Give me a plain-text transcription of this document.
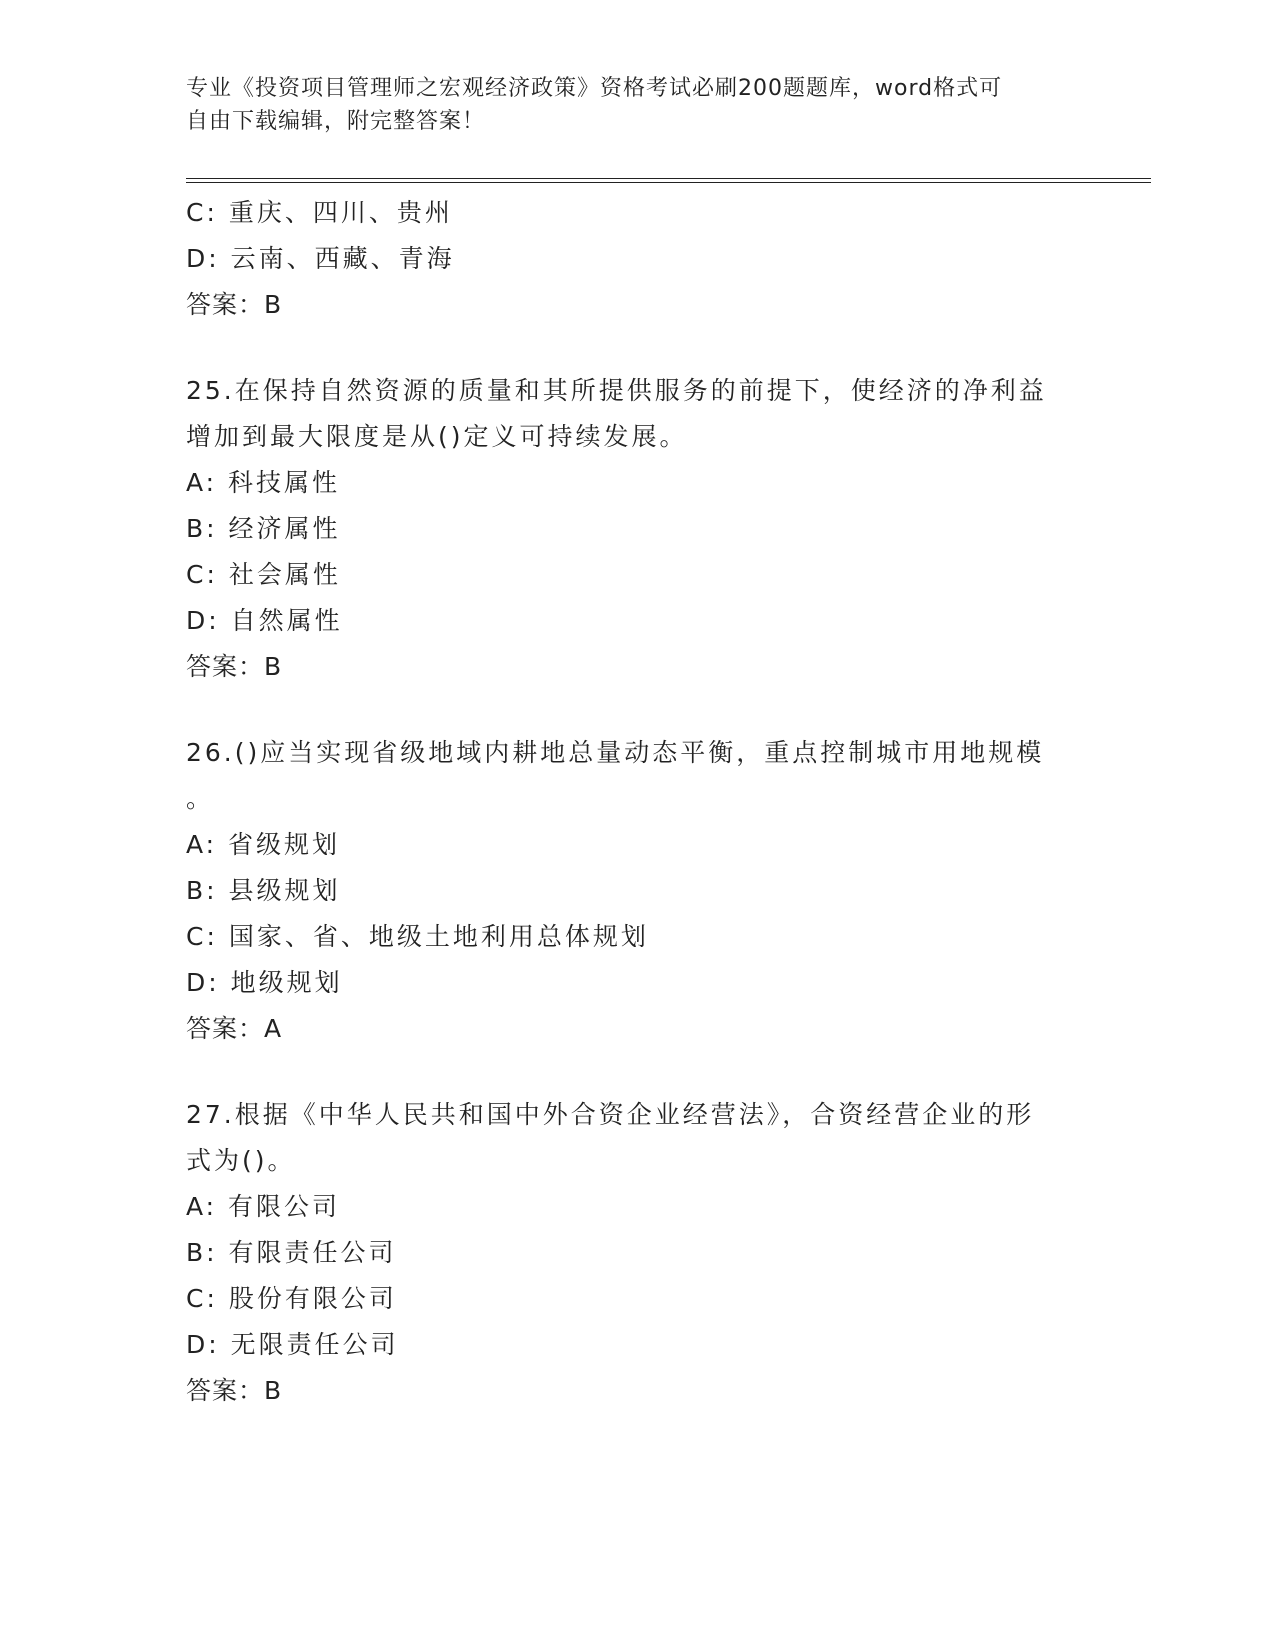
专业《投资项目管理师之宏观经济政策》资格考试必刷200题题库，word格式可
自由下载编辑，附完整答案！
C: 重庆、四川、贵州
D: 云南、西藏、青海
答案：B
25.在保持自然资源的质量和其所提供服务的前提下，使经济的净利益
增加到最大限度是从()定义可持续发展。
A: 科技属性
B: 经济属性
C: 社会属性
D: 自然属性
答案：B
26.()应当实现省级地域内耕地总量动态平衡，重点控制城市用地规模
。
A: 省级规划
B: 县级规划
C: 国家、省、地级土地利用总体规划
D: 地级规划
答案：A
27.根据《中华人民共和国中外合资企业经营法》，合资经营企业的形
式为()。
A: 有限公司
B: 有限责任公司
C: 股份有限公司
D: 无限责任公司
答案：B
